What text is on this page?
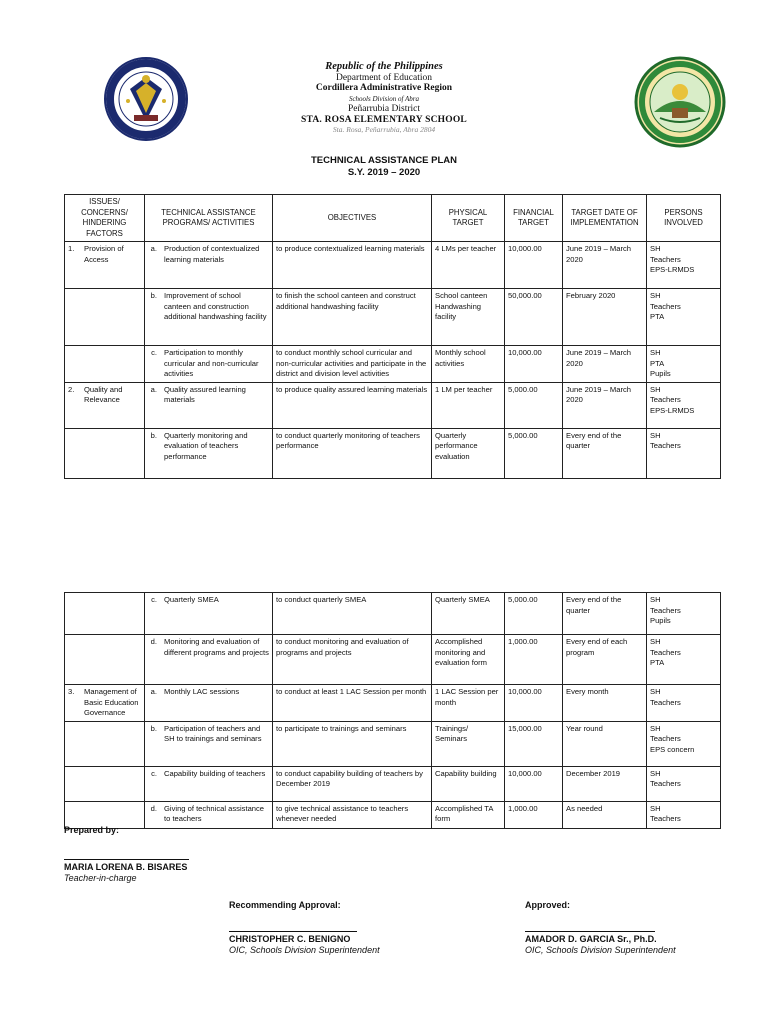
Republic of the Philippines
Department of Education
Cordillera Administrative Region
Schools Division of Abra
Peñarrubia District
STA. ROSA ELEMENTARY SCHOOL
Sta. Rosa, Peñarrubia, Abra 2804
TECHNICAL ASSISTANCE PLAN
S.Y. 2019 – 2020
ISSUES/ CONCERNS/ HINDERING FACTORS	TECHNICAL ASSISTANCE PROGRAMS/ ACTIVITIES	OBJECTIVES	PHYSICAL TARGET	FINANCIAL TARGET	TARGET DATE OF IMPLEMENTATION	PERSONS INVOLVED

1. Provision of Access	a. Production of contextualized learning materials	to produce contextualized learning materials	4 LMs per teacher	10,000.00	June 2019 – March 2020	SH
Teachers
EPS-LRMDS

	b. Improvement of school canteen and construction additional handwashing facility	to finish the school canteen and construct additional handwashing facility	School canteen Handwashing facility	50,000.00	February 2020	SH
Teachers
PTA

	c. Participation to monthly curricular and non-curricular activities	to conduct monthly school curricular and non-curricular activities and participate in the district and division level activities	Monthly school activities	10,000.00	June 2019 – March 2020	SH
PTA
Pupils

2. Quality and Relevance	a. Quality assured learning materials	to produce quality assured learning materials	1 LM per teacher	5,000.00	June 2019 – March 2020	SH
Teachers
EPS-LRMDS

	b. Quarterly monitoring and evaluation of teachers performance	to conduct quarterly monitoring of teachers performance	Quarterly performance evaluation	5,000.00	Every end of the quarter	SH
Teachers

	c. Quarterly SMEA	to conduct quarterly SMEA	Quarterly SMEA	5,000.00	Every end of the quarter	SH
Teachers
Pupils

	d. Monitoring and evaluation of different programs and projects	to conduct monitoring and evaluation of programs and projects	Accomplished monitoring and evaluation form	1,000.00	Every end of each program	SH
Teachers
PTA

3. Management of Basic Education Governance	a. Monthly LAC sessions	to conduct at least 1 LAC Session per month	1 LAC Session per month	10,000.00	Every month	SH
Teachers

	b. Participation of teachers and SH to trainings and seminars	to participate to trainings and seminars	Trainings/ Seminars	15,000.00	Year round	SH
Teachers
EPS concern

	c. Capability building of teachers	to conduct capability building of teachers by December 2019	Capability building	10,000.00	December 2019	SH
Teachers

	d. Giving of technical assistance to teachers	to give technical assistance to teachers whenever needed	Accomplished TA form	1,000.00	As needed	SH
Teachers
Prepared by:
MARIA LORENA B. BISARES
Teacher-in-charge
Recommending Approval:
CHRISTOPHER C. BENIGNO
OIC, Schools Division Superintendent
Approved:
AMADOR D. GARCIA Sr., Ph.D.
OIC, Schools Division Superintendent
